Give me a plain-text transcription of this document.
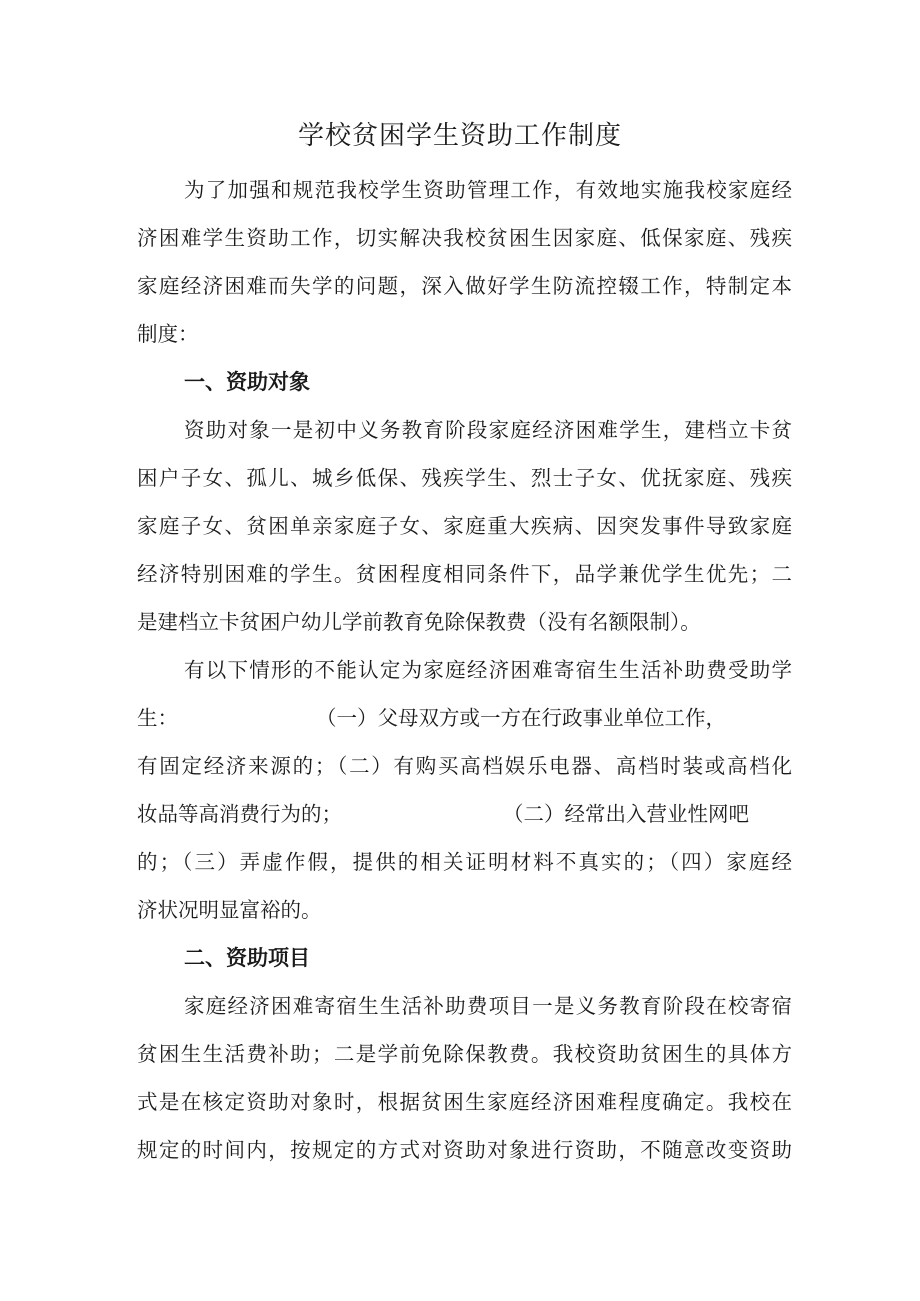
学校贫困学生资助工作制度
为了加强和规范我校学生资助管理工作，有效地实施我校家庭经
济困难学生资助工作，切实解决我校贫困生因家庭、低保家庭、残疾
家庭经济困难而失学的问题，深入做好学生防流控辍工作，特制定本
制度：
一、资助对象
资助对象一是初中义务教育阶段家庭经济困难学生，建档立卡贫
困户子女、孤儿、城乡低保、残疾学生、烈士子女、优抚家庭、残疾
家庭子女、贫困单亲家庭子女、家庭重大疾病、因突发事件导致家庭
经济特别困难的学生。贫困程度相同条件下，品学兼优学生优先；二
是建档立卡贫困户幼儿学前教育免除保教费（没有名额限制）。
有以下情形的不能认定为家庭经济困难寄宿生生活补助费受助学
生：	（一）父母双方或一方在行政事业单位工作，
有固定经济来源的；（二）有购买高档娱乐电器、高档时装或高档化
妆品等高消费行为的；	（二）经常出入营业性网吧
的；（三）弄虚作假，提供的相关证明材料不真实的；（四）家庭经
济状况明显富裕的。
二、资助项目
家庭经济困难寄宿生生活补助费项目一是义务教育阶段在校寄宿
贫困生生活费补助；二是学前免除保教费。我校资助贫困生的具体方
式是在核定资助对象时，根据贫困生家庭经济困难程度确定。我校在
规定的时间内，按规定的方式对资助对象进行资助，不随意改变资助
